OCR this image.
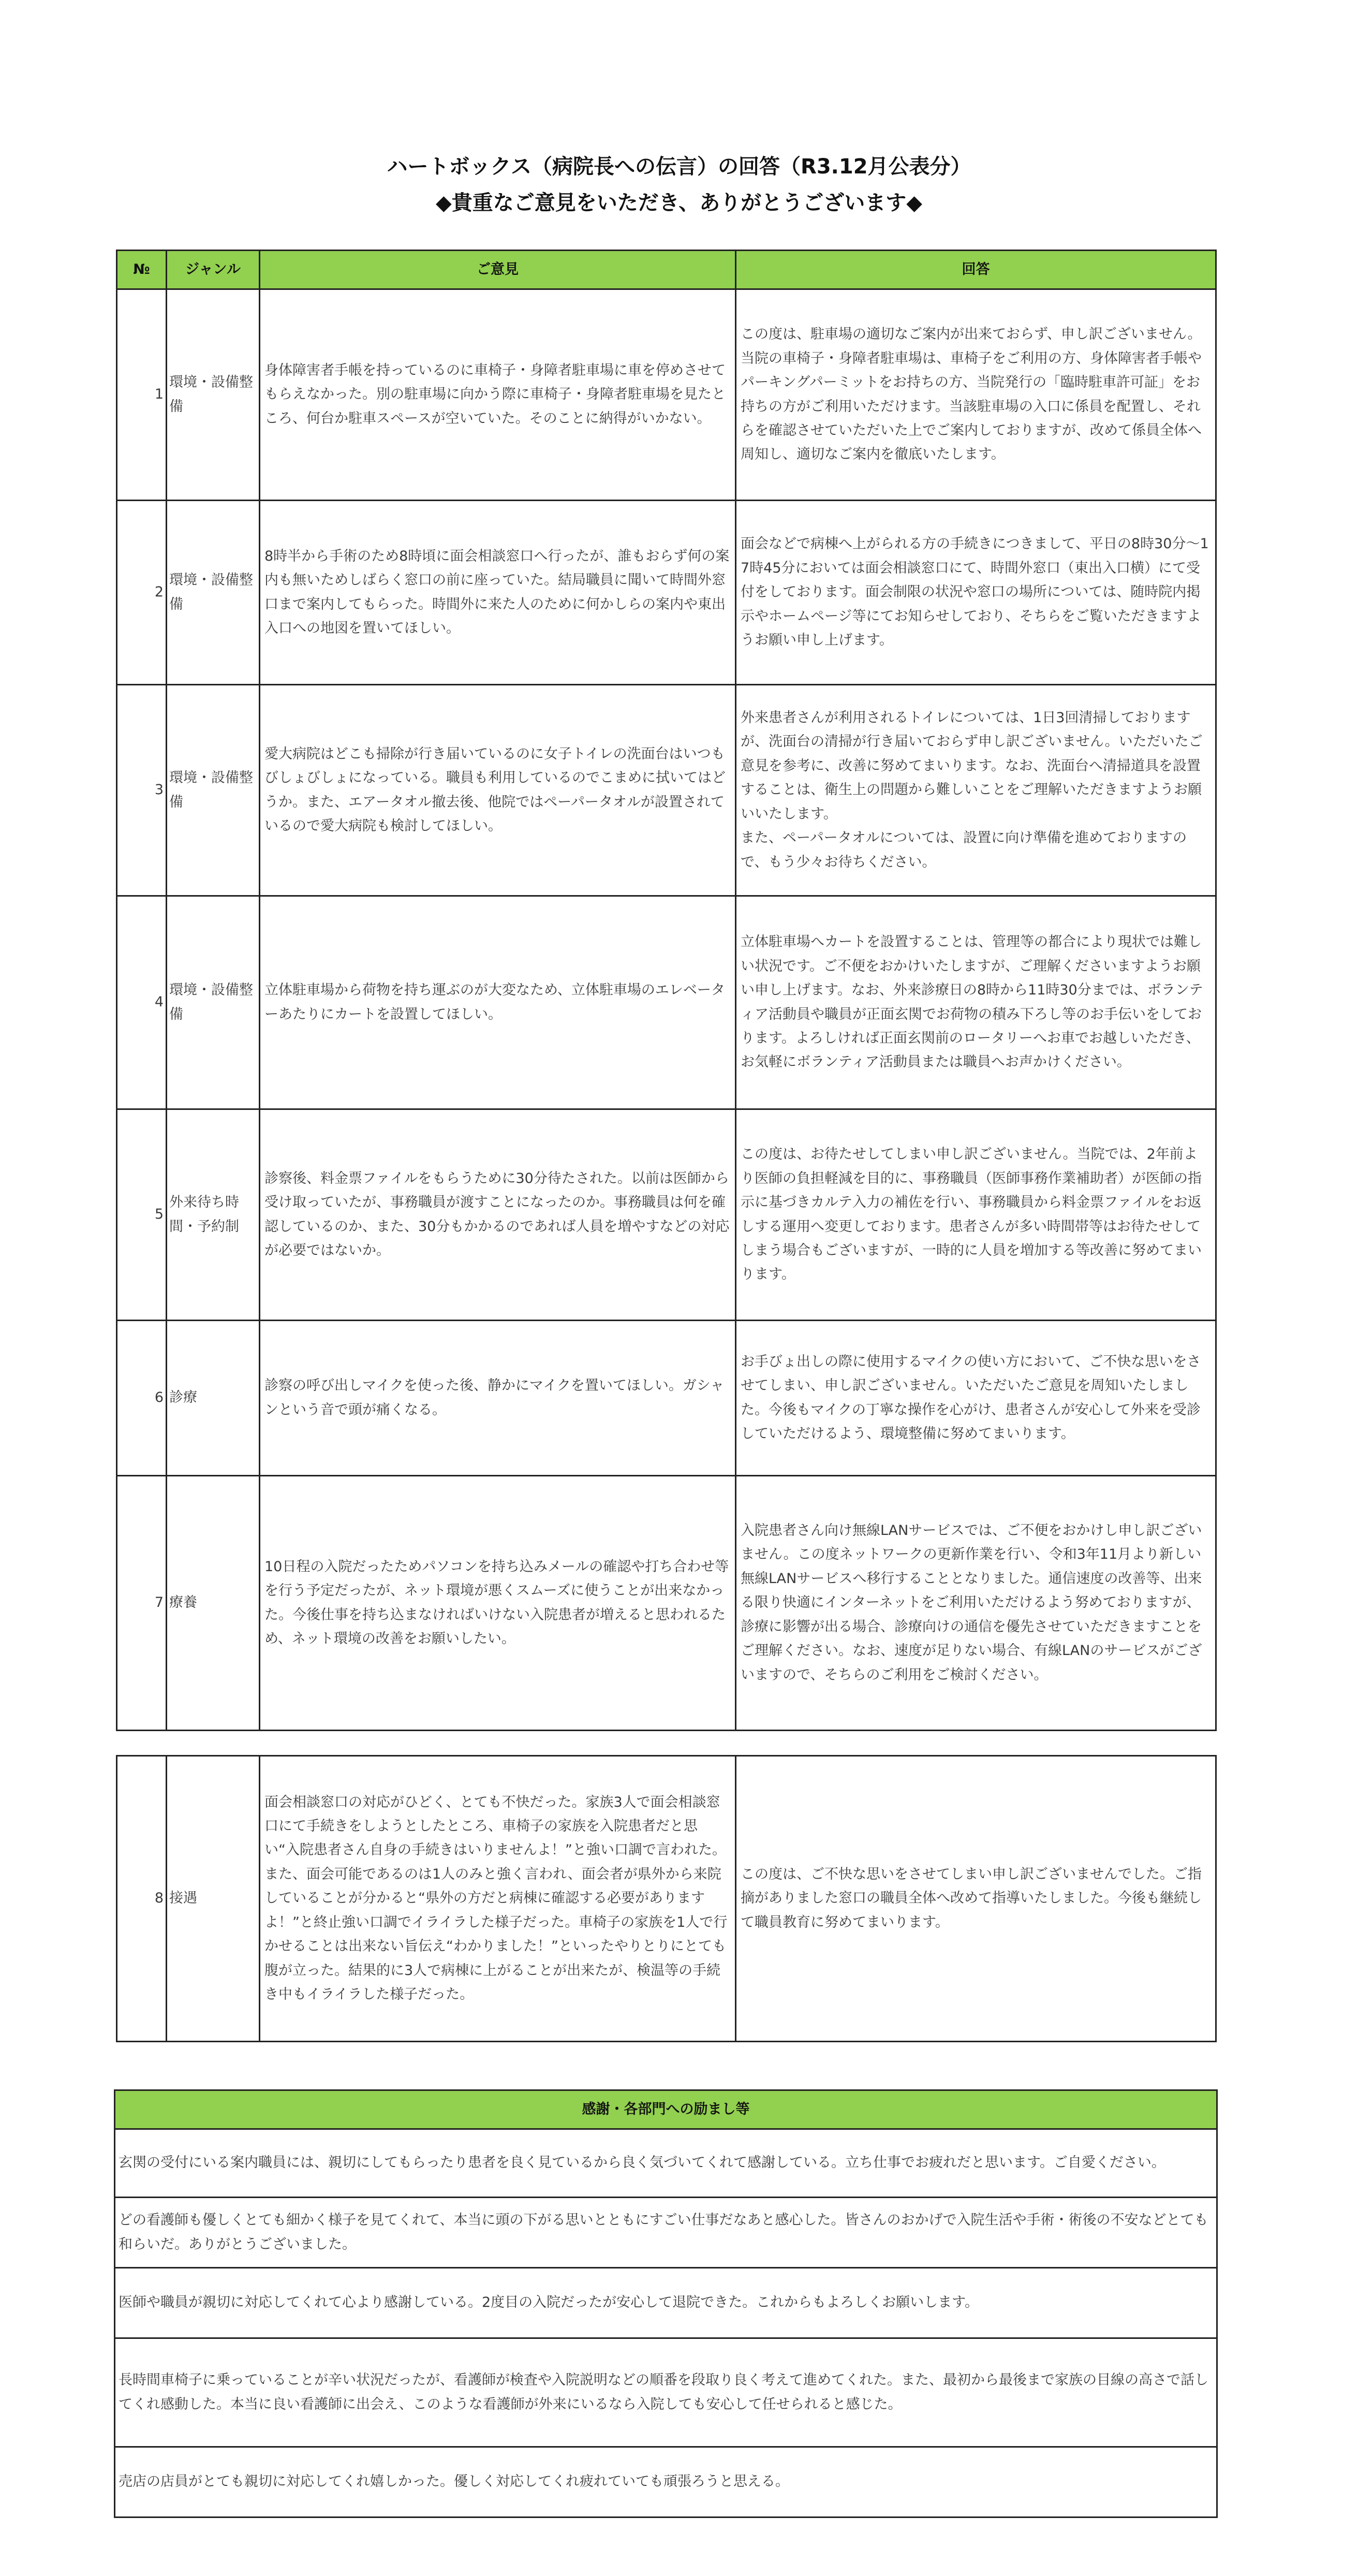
ハートボックス（病院長への伝言）の回答（R3.12月公表分）
◆貴重なご意見をいただき、ありがとうございます◆
№	ジャンル	ご意見	回答
1	環境・設備整備	身体障害者手帳を持っているのに車椅子・身障者駐車場に車を停めさせてもらえなかった。別の駐車場に向かう際に車椅子・身障者駐車場を見たところ、何台か駐車スペースが空いていた。そのことに納得がいかない。	この度は、駐車場の適切なご案内が出来ておらず、申し訳ございません。当院の車椅子・身障者駐車場は、車椅子をご利用の方、身体障害者手帳やパーキングパーミットをお持ちの方、当院発行の「臨時駐車許可証」をお持ちの方がご利用いただけます。当該駐車場の入口に係員を配置し、それらを確認させていただいた上でご案内しておりますが、改めて係員全体へ周知し、適切なご案内を徹底いたします。
2	環境・設備整備	8時半から手術のため8時頃に面会相談窓口へ行ったが、誰もおらず何の案内も無いためしばらく窓口の前に座っていた。結局職員に聞いて時間外窓口まで案内してもらった。時間外に来た人のために何かしらの案内や東出入口への地図を置いてほしい。	面会などで病棟へ上がられる方の手続きにつきまして、平日の8時30分～17時45分においては面会相談窓口にて、時間外窓口（東出入口横）にて受付をしております。面会制限の状況や窓口の場所については、随時院内掲示やホームページ等にてお知らせしており、そちらをご覧いただきますようお願い申し上げます。
3	環境・設備整備	愛大病院はどこも掃除が行き届いているのに女子トイレの洗面台はいつもびしょびしょになっている。職員も利用しているのでこまめに拭いてはどうか。また、エアータオル撤去後、他院ではペーパータオルが設置されているので愛大病院も検討してほしい。	外来患者さんが利用されるトイレについては、1日3回清掃しておりますが、洗面台の清掃が行き届いておらず申し訳ございません。いただいたご意見を参考に、改善に努めてまいります。なお、洗面台へ清掃道具を設置することは、衛生上の問題から難しいことをご理解いただきますようお願いいたします。
また、ペーパータオルについては、設置に向け準備を進めておりますので、もう少々お待ちください。
4	環境・設備整備	立体駐車場から荷物を持ち運ぶのが大変なため、立体駐車場のエレベーターあたりにカートを設置してほしい。	立体駐車場へカートを設置することは、管理等の都合により現状では難しい状況です。ご不便をおかけいたしますが、ご理解くださいますようお願い申し上げます。なお、外来診療日の8時から11時30分までは、ボランティア活動員や職員が正面玄関でお荷物の積み下ろし等のお手伝いをしております。よろしければ正面玄関前のロータリーへお車でお越しいただき、お気軽にボランティア活動員または職員へお声かけください。
5	外来待ち時間・予約制	診察後、料金票ファイルをもらうために30分待たされた。以前は医師から受け取っていたが、事務職員が渡すことになったのか。事務職員は何を確認しているのか、また、30分もかかるのであれば人員を増やすなどの対応が必要ではないか。	この度は、お待たせしてしまい申し訳ございません。当院では、2年前より医師の負担軽減を目的に、事務職員（医師事務作業補助者）が医師の指示に基づきカルテ入力の補佐を行い、事務職員から料金票ファイルをお返しする運用へ変更しております。患者さんが多い時間帯等はお待たせしてしまう場合もございますが、一時的に人員を増加する等改善に努めてまいります。
6	診療	診察の呼び出しマイクを使った後、静かにマイクを置いてほしい。ガシャンという音で頭が痛くなる。	お手びょ出しの際に使用するマイクの使い方において、ご不快な思いをさせてしまい、申し訳ございません。いただいたご意見を周知いたしました。今後もマイクの丁寧な操作を心がけ、患者さんが安心して外来を受診していただけるよう、環境整備に努めてまいります。
7	療養	10日程の入院だったためパソコンを持ち込みメールの確認や打ち合わせ等を行う予定だったが、ネット環境が悪くスムーズに使うことが出来なかった。今後仕事を持ち込まなければいけない入院患者が増えると思われるため、ネット環境の改善をお願いしたい。	入院患者さん向け無線LANサービスでは、ご不便をおかけし申し訳ございません。この度ネットワークの更新作業を行い、令和3年11月より新しい無線LANサービスへ移行することとなりました。通信速度の改善等、出来る限り快適にインターネットをご利用いただけるよう努めておりますが、診療に影響が出る場合、診療向けの通信を優先させていただきますことをご理解ください。なお、速度が足りない場合、有線LANのサービスがございますので、そちらのご利用をご検討ください。
8	接遇	面会相談窓口の対応がひどく、とても不快だった。家族3人で面会相談窓口にて手続きをしようとしたところ、車椅子の家族を入院患者だと思い“入院患者さん自身の手続きはいりませんよ！”と強い口調で言われた。また、面会可能であるのは1人のみと強く言われ、面会者が県外から来院していることが分かると“県外の方だと病棟に確認する必要がありますよ！”と終止強い口調でイライラした様子だった。車椅子の家族を1人で行かせることは出来ない旨伝え“わかりました！”といったやりとりにとても腹が立った。結果的に3人で病棟に上がることが出来たが、検温等の手続き中もイライラした様子だった。	この度は、ご不快な思いをさせてしまい申し訳ございませんでした。ご指摘がありました窓口の職員全体へ改めて指導いたしました。今後も継続して職員教育に努めてまいります。
感謝・各部門への励まし等
玄関の受付にいる案内職員には、親切にしてもらったり患者を良く見ているから良く気づいてくれて感謝している。立ち仕事でお疲れだと思います。ご自愛ください。
どの看護師も優しくとても細かく様子を見てくれて、本当に頭の下がる思いとともにすごい仕事だなあと感心した。皆さんのおかげで入院生活や手術・術後の不安などとても和らいだ。ありがとうございました。
医師や職員が親切に対応してくれて心より感謝している。2度目の入院だったが安心して退院できた。これからもよろしくお願いします。
長時間車椅子に乗っていることが辛い状況だったが、看護師が検査や入院説明などの順番を段取り良く考えて進めてくれた。また、最初から最後まで家族の目線の高さで話してくれ感動した。本当に良い看護師に出会え、このような看護師が外来にいるなら入院しても安心して任せられると感じた。
売店の店員がとても親切に対応してくれ嬉しかった。優しく対応してくれ疲れていても頑張ろうと思える。
